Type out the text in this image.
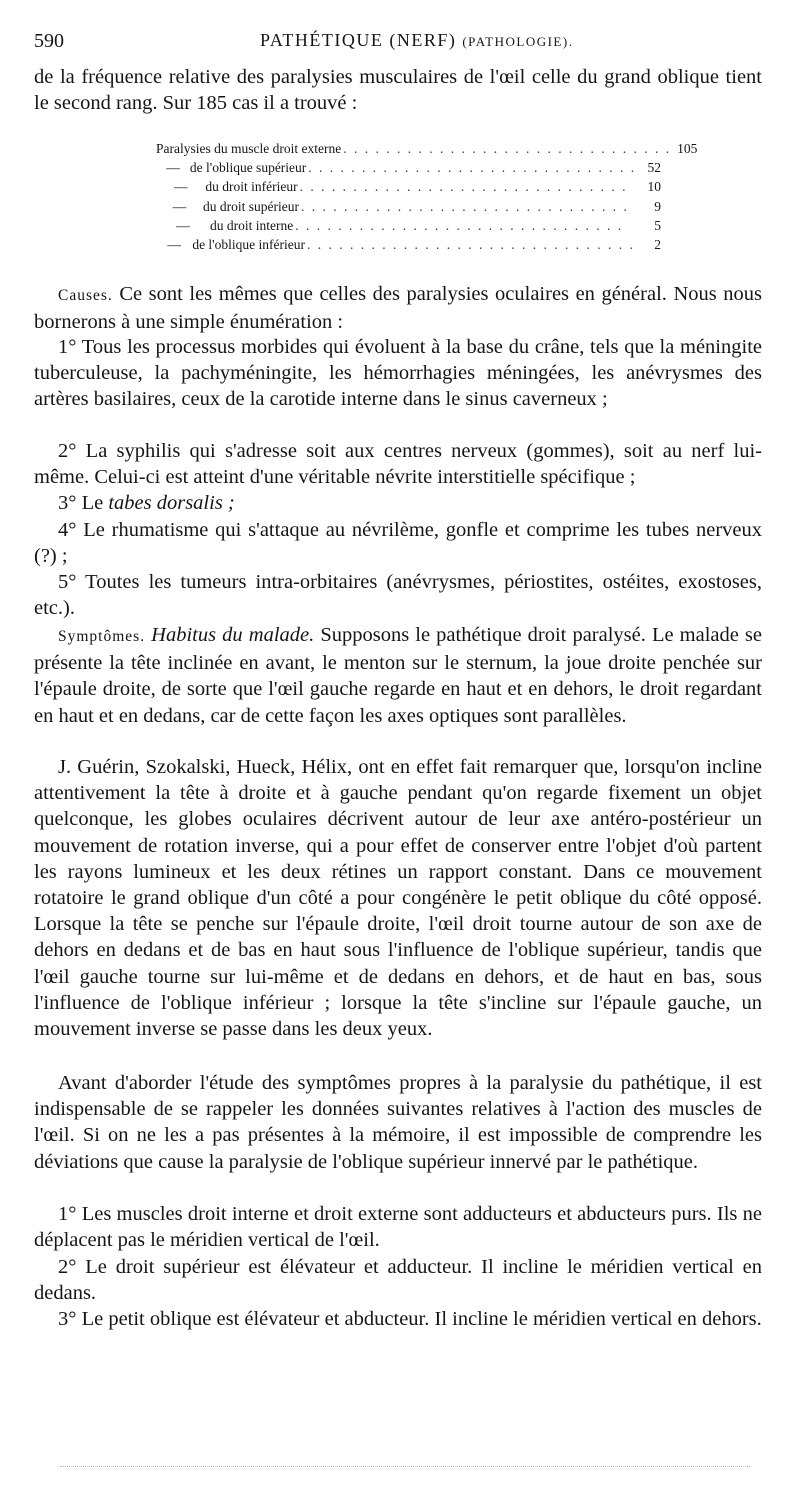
590	PATHÉTIQUE (NERF) (PATHOLOGIE).
de la fréquence relative des paralysies musculaires de l'œil celle du grand oblique tient le second rang. Sur 185 cas il a trouvé :
Paralysies du muscle droit externe . . . . . . . . . . . . . . . . . . . . . . . . . . . . . . . 105
— de l'oblique supérieur . . . . . . . . . . . . . . . . . . . . . . . . . . . . . . . 52
—	du droit inférieur . . . . . . . . . . . . . . . . . . . . . . . . . . . . . . .	10
—	du droit supérieur . . . . . . . . . . . . . . . . . . . . . . . . . . . . . . .	9
—	du droit interne . . . . . . . . . . . . . . . . . . . . . . . . . . . . . . .	5
— de l'oblique inférieur . . . . . . . . . . . . . . . . . . . . . . . . . . . . . . .	2
Causes. Ce sont les mêmes que celles des paralysies oculaires en général. Nous nous bornerons à une simple énumération :
1° Tous les processus morbides qui évoluent à la base du crâne, tels que la méningite tuberculeuse, la pachyméningite, les hémorrhagies méningées, les anévrysmes des artères basilaires, ceux de la carotide interne dans le sinus caverneux ;
2° La syphilis qui s'adresse soit aux centres nerveux (gommes), soit au nerf lui-même. Celui-ci est atteint d'une véritable névrite interstitielle spécifique ;
3° Le tabes dorsalis ;
4° Le rhumatisme qui s'attaque au névrilème, gonfle et comprime les tubes nerveux (?) ;
5° Toutes les tumeurs intra-orbitaires (anévrysmes, périostites, ostéites, exostoses, etc.).
Symptômes. Habitus du malade. Supposons le pathétique droit paralysé. Le malade se présente la tête inclinée en avant, le menton sur le sternum, la joue droite penchée sur l'épaule droite, de sorte que l'œil gauche regarde en haut et en dehors, le droit regardant en haut et en dedans, car de cette façon les axes optiques sont parallèles.
J. Guérin, Szokalski, Hueck, Hélix, ont en effet fait remarquer que, lorsqu'on incline attentivement la tête à droite et à gauche pendant qu'on regarde fixement un objet quelconque, les globes oculaires décrivent autour de leur axe antéro-postérieur un mouvement de rotation inverse, qui a pour effet de conserver entre l'objet d'où partent les rayons lumineux et les deux rétines un rapport constant. Dans ce mouvement rotatoire le grand oblique d'un côté a pour congénère le petit oblique du côté opposé. Lorsque la tête se penche sur l'épaule droite, l'œil droit tourne autour de son axe de dehors en dedans et de bas en haut sous l'influence de l'oblique supérieur, tandis que l'œil gauche tourne sur lui-même et de dedans en dehors, et de haut en bas, sous l'influence de l'oblique inférieur ; lorsque la tête s'incline sur l'épaule gauche, un mouvement inverse se passe dans les deux yeux.
Avant d'aborder l'étude des symptômes propres à la paralysie du pathétique, il est indispensable de se rappeler les données suivantes relatives à l'action des muscles de l'œil. Si on ne les a pas présentes à la mémoire, il est impossible de comprendre les déviations que cause la paralysie de l'oblique supérieur innervé par le pathétique.
1° Les muscles droit interne et droit externe sont adducteurs et abducteurs purs. Ils ne déplacent pas le méridien vertical de l'œil.
2° Le droit supérieur est élévateur et adducteur. Il incline le méridien vertical en dedans.
3° Le petit oblique est élévateur et abducteur. Il incline le méridien vertical en dehors.
